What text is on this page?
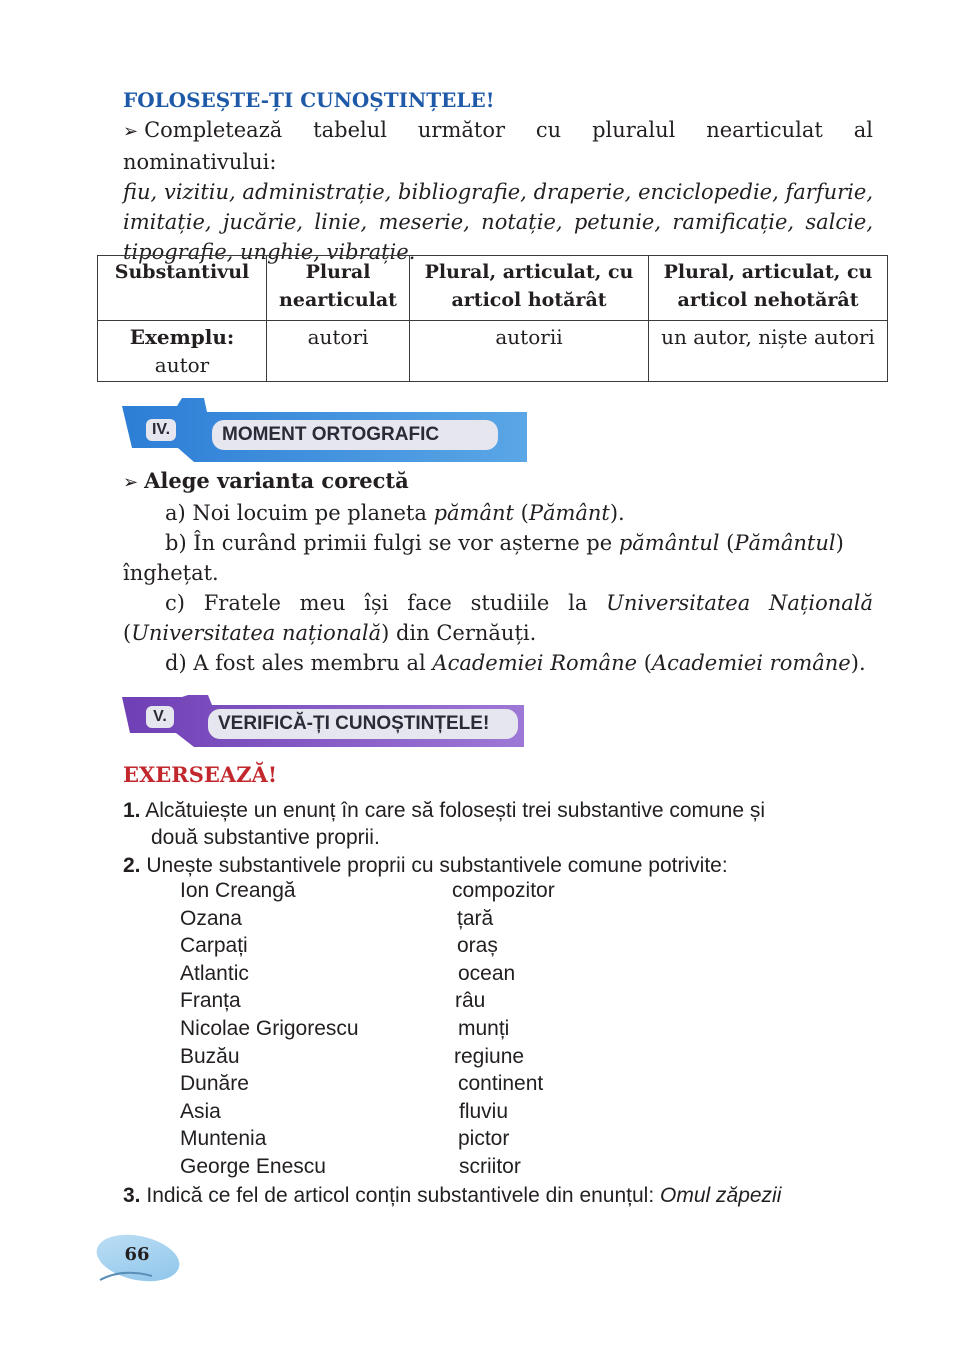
FOLOSEȘTE-ȚI CUNOȘTINȚELE!
➢ Completează tabelul următor cu pluralul nearticulat al nominativului:
fiu, vizitiu, administrație, bibliografie, draperie, enciclopedie, farfurie, imitație, jucărie, linie, meserie, notație, petunie, ramificație, salcie, tipografie, unghie, vibrație.
Substantivul	Plural nearticulat	Plural, articulat, cu articol hotărât	Plural, articulat, cu articol nehotărât

Exemplu:
autor	autori	autorii	un autor, niște autori
IV.	MOMENT ORTOGRAFIC
➢ Alege varianta corectă
a) Noi locuim pe planeta pământ (Pământ).
b) În curând primii fulgi se vor așterne pe pământul (Pământul)
înghețat.
c) Fratele meu își face studiile la Universitatea Națională (Universitatea națională) din Cernăuți.
d) A fost ales membru al Academiei Române (Academiei române).
V.	VERIFICĂ-ȚI CUNOȘTINȚELE!
EXERSEAZĂ!
1. Alcătuiește un enunț în care să folosești trei substantive comune și
două substantive proprii.
2. Unește substantivele proprii cu substantivele comune potrivite:
Ion Creangă	compozitor
Ozana	țară
Carpați	oraș
Atlantic	ocean
Franța	râu
Nicolae Grigorescu	munți
Buzău	regiune
Dunăre	continent
Asia	fluviu
Muntenia	pictor
George Enescu	scriitor
3. Indică ce fel de articol conțin substantivele din enunțul: Omul zăpezii
66
